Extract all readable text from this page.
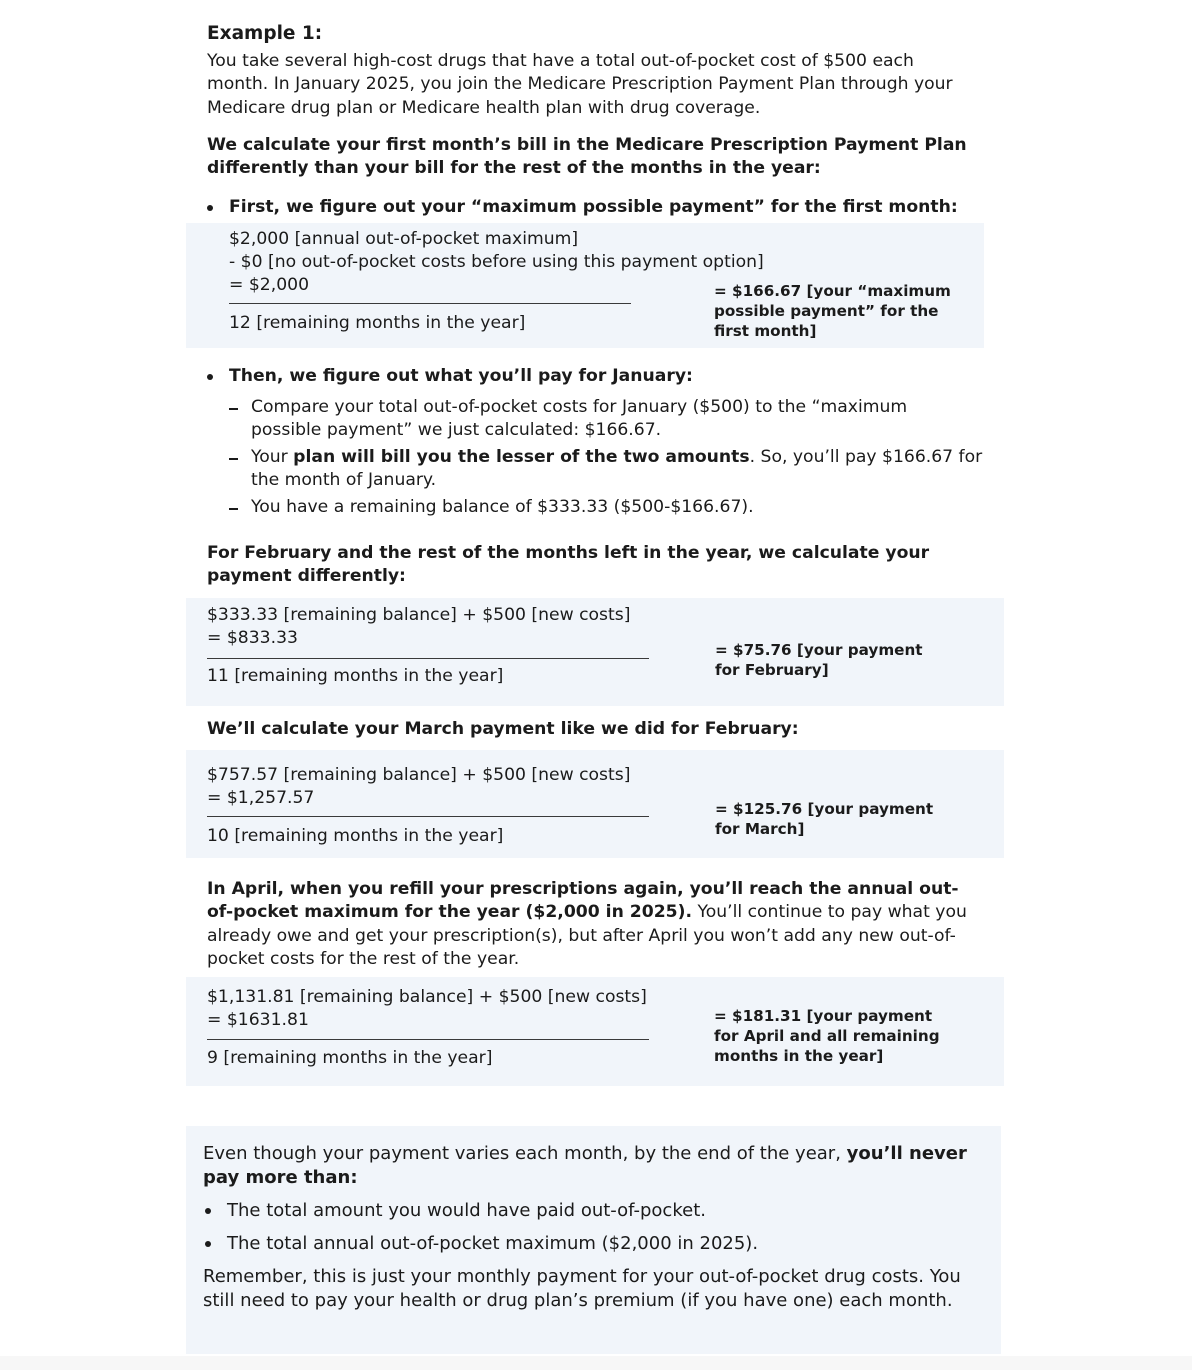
Example 1:

You take several high-cost drugs that have a total out-of-pocket cost of $500 each month. In January 2025, you join the Medicare Prescription Payment Plan through your Medicare drug plan or Medicare health plan with drug coverage.

We calculate your first month’s bill in the Medicare Prescription Payment Plan differently than your bill for the rest of the months in the year:

First, we figure out your “maximum possible payment” for the first month:

$2,000 [annual out-of-pocket maximum]

- $0 [no out-of-pocket costs before using this payment option]

= $2,000

12 [remaining months in the year]

= $166.67 [your “maximum possible payment” for the first month]

Then, we figure out what you’ll pay for January:

Compare your total out-of-pocket costs for January ($500) to the “maximum possible payment” we just calculated: $166.67.

Your plan will bill you the lesser of the two amounts. So, you’ll pay $166.67 for the month of January.

You have a remaining balance of $333.33 ($500-$166.67).

For February and the rest of the months left in the year, we calculate your payment differently:

$333.33 [remaining balance] + $500 [new costs]

= $833.33

11 [remaining months in the year]

= $75.76 [your payment for February]

We’ll calculate your March payment like we did for February:

$757.57 [remaining balance] + $500 [new costs]

= $1,257.57

10 [remaining months in the year]

= $125.76 [your payment for March]

In April, when you refill your prescriptions again, you’ll reach the annual out-of-pocket maximum for the year ($2,000 in 2025). You’ll continue to pay what you already owe and get your prescription(s), but after April you won’t add any new out-of-pocket costs for the rest of the year.

$1,131.81 [remaining balance] + $500 [new costs]

= $1631.81

9 [remaining months in the year]

= $181.31 [your payment for April and all remaining months in the year]

Even though your payment varies each month, by the end of the year, you’ll never pay more than:

The total amount you would have paid out-of-pocket.

The total annual out-of-pocket maximum ($2,000 in 2025).

Remember, this is just your monthly payment for your out-of-pocket drug costs. You still need to pay your health or drug plan’s premium (if you have one) each month.
